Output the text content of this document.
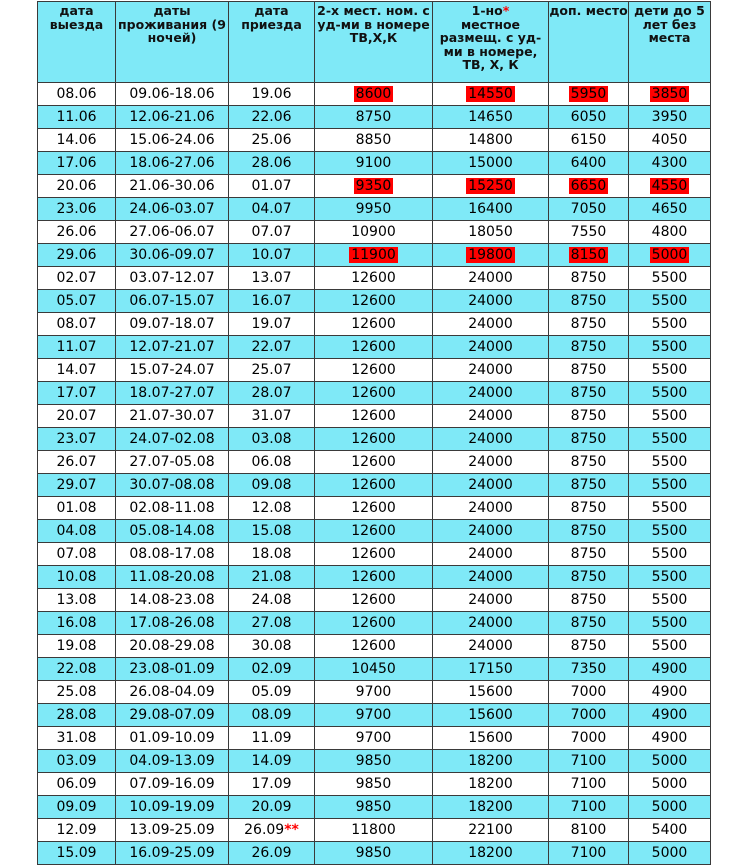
дата выезда	даты проживания (9 ночей)	дата приезда	2-х мест. ном. с уд-ми в номере ТВ,Х,К	1-но*
местное размещ. с уд-ми в номере, ТВ, Х, К	доп. место	дети до 5 лет без места
08.06	09.06-18.06	19.06	8600	14550	5950	3850
11.06	12.06-21.06	22.06	8750	14650	6050	3950
14.06	15.06-24.06	25.06	8850	14800	6150	4050
17.06	18.06-27.06	28.06	9100	15000	6400	4300
20.06	21.06-30.06	01.07	9350	15250	6650	4550
23.06	24.06-03.07	04.07	9950	16400	7050	4650
26.06	27.06-06.07	07.07	10900	18050	7550	4800
29.06	30.06-09.07	10.07	11900	19800	8150	5000
02.07	03.07-12.07	13.07	12600	24000	8750	5500
05.07	06.07-15.07	16.07	12600	24000	8750	5500
08.07	09.07-18.07	19.07	12600	24000	8750	5500
11.07	12.07-21.07	22.07	12600	24000	8750	5500
14.07	15.07-24.07	25.07	12600	24000	8750	5500
17.07	18.07-27.07	28.07	12600	24000	8750	5500
20.07	21.07-30.07	31.07	12600	24000	8750	5500
23.07	24.07-02.08	03.08	12600	24000	8750	5500
26.07	27.07-05.08	06.08	12600	24000	8750	5500
29.07	30.07-08.08	09.08	12600	24000	8750	5500
01.08	02.08-11.08	12.08	12600	24000	8750	5500
04.08	05.08-14.08	15.08	12600	24000	8750	5500
07.08	08.08-17.08	18.08	12600	24000	8750	5500
10.08	11.08-20.08	21.08	12600	24000	8750	5500
13.08	14.08-23.08	24.08	12600	24000	8750	5500
16.08	17.08-26.08	27.08	12600	24000	8750	5500
19.08	20.08-29.08	30.08	12600	24000	8750	5500
22.08	23.08-01.09	02.09	10450	17150	7350	4900
25.08	26.08-04.09	05.09	9700	15600	7000	4900
28.08	29.08-07.09	08.09	9700	15600	7000	4900
31.08	01.09-10.09	11.09	9700	15600	7000	4900
03.09	04.09-13.09	14.09	9850	18200	7100	5000
06.09	07.09-16.09	17.09	9850	18200	7100	5000
09.09	10.09-19.09	20.09	9850	18200	7100	5000
12.09	13.09-25.09	26.09**	11800	22100	8100	5400
15.09	16.09-25.09	26.09	9850	18200	7100	5000
